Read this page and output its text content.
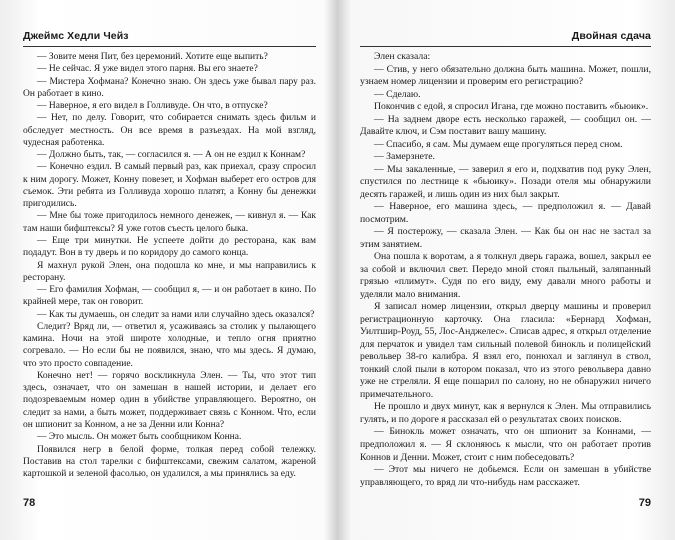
Джеймс Хедли Чейз

— Зовите меня Пит, без церемоний. Хотите еще выпить?

— Не сейчас. Я уже видел этого парня. Вы его знаете?

— Мистера Хофмана? Конечно знаю. Он здесь уже бывал пару раз. Он работает в кино.

— Наверное, я его видел в Голливуде. Он что, в отпуске?

— Нет, по делу. Говорит, что собирается снимать здесь фильм и обследует местность. Он все время в разъездах. На мой взгляд, чудесная работенка.

— Должно быть, так, — согласился я. — А он не ездил к Коннам?

— Конечно ездил. В самый первый раз, как приехал, сразу спросил к ним дорогу. Может, Конну повезет, и Хофман выберет его остров для съемок. Эти ребята из Голливуда хорошо платят, а Конну бы денежки пригодились.

— Мне бы тоже пригодилось немного денежек, — кивнул я. — Как там наши бифштексы? Я уже готов съесть целого быка.

— Еще три минутки. Не успеете дойти до ресторана, как вам подадут. Вон в ту дверь и по коридору до самого конца.

Я махнул рукой Элен, она подошла ко мне, и мы направились к ресторану.

— Его фамилия Хофман, — сообщил я, — и он работает в кино. По крайней мере, так он говорит.

— Как ты думаешь, он следит за нами или случайно здесь оказался?

Следит? Вряд ли, — ответил я, усаживаясь за столик у пылающего камина. Ночи на этой широте холодные, и тепло огня приятно согревало. — Но если бы не появился, знаю, что мы здесь. Я думаю, что это просто совпадение.

Конечно нет! — горячо воскликнула Элен. — Ты, что этот тип здесь, означает, что он замешан в нашей истории, и делает его подозреваемым номер один в убийстве управляющего. Вероятно, он следит за нами, а быть может, поддерживает связь с Конном. Что, если он шпионит за Конном, а не за Денни или Конна?

— Это мысль. Он может быть сообщником Конна.

Появился негр в белой форме, толкая перед собой тележку. Поставив на стол тарелки с бифштексами, свежим салатом, жареной картошкой и зеленой фасолью, он удалился, а мы принялись за еду.

78
Двойная сдача

Элен сказала:

— Стив, у него обязательно должна быть машина. Может, пошли, узнаем номер лицензии и проверим его регистрацию?

— Сделаю.

Покончив с едой, я спросил Игана, где можно поставить «бьюик».

— На заднем дворе есть несколько гаражей, — сообщил он. — Давайте ключ, и Сэм поставит вашу машину.

— Спасибо, я сам. Мы думаем еще прогуляться перед сном.

— Замерзнете.

— Мы закаленные, — заверил я его и, подхватив под руку Элен, спустился по лестнице к «бьюику». Позади отеля мы обнаружили десять гаражей, и лишь один из них был закрыт.

— Наверное, его машина здесь, — предположил я. — Давай посмотрим.

— Я постерожу, — сказала Элен. — Как бы он нас не застал за этим занятием.

Она пошла к воротам, а я толкнул дверь гаража, вошел, закрыл ее за собой и включил свет. Передо мной стоял пыльный, заляпанный грязью «плимут». Судя по его виду, ему давали много работы и уделяли мало внимания.

Я записал номер лицензии, открыл дверцу машины и проверил регистрационную карточку. Она гласила: «Бернард Хофман, Уилтшир-Роуд, 55, Лос-Анджелес». Списав адрес, я открыл отделение для перчаток и увидел там сильный полевой бинокль и полицейский револьвер 38-го калибра. Я взял его, понюхал и заглянул в ствол, тонкий слой пыли в котором показал, что из этого револьвера давно уже не стреляли. Я еще пошарил по салону, но не обнаружил ничего примечательного.

Не прошло и двух минут, как я вернулся к Элен. Мы отправились гулять, и по дороге я рассказал ей о результатах своих поисков.

— Бинокль может означать, что он шпионит за Коннами, — предположил я. — Я склоняюсь к мысли, что он работает против Коннов и Денни. Может, стоит с ним побеседовать?

— Этот мы ничего не добьемся. Если он замешан в убийстве управляющего, то вряд ли что-нибудь нам расскажет.

79
